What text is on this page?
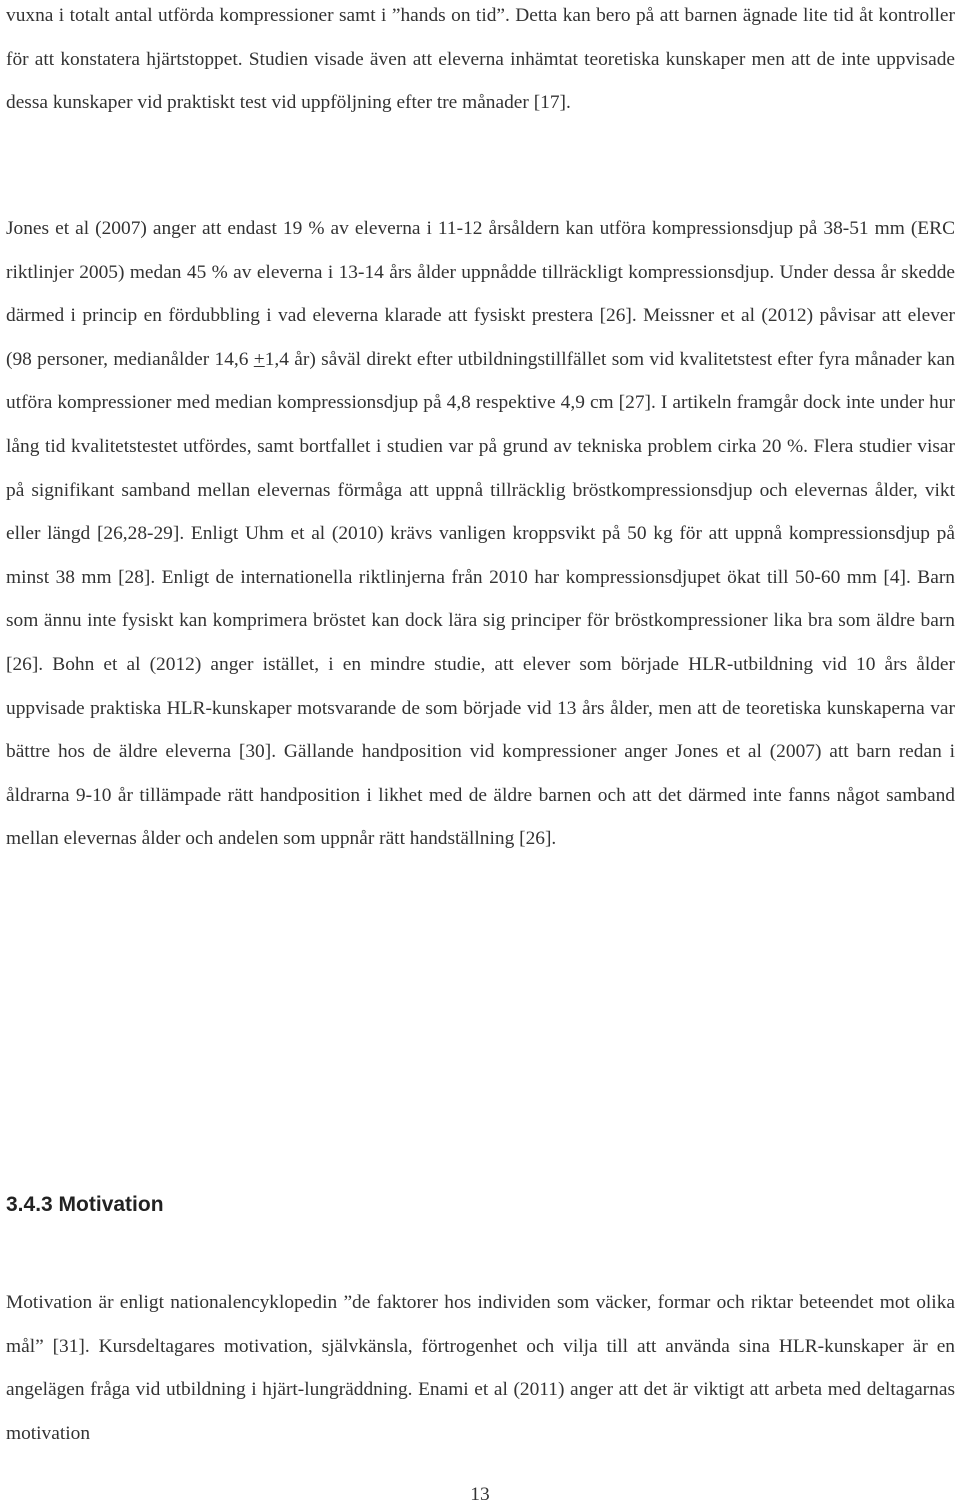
vuxna i totalt antal utförda kompressioner samt i ”hands on tid”. Detta kan bero på att barnen ägnade lite tid åt kontroller för att konstatera hjärtstoppet. Studien visade även att eleverna inhämtat teoretiska kunskaper men att de inte uppvisade dessa kunskaper vid praktiskt test vid uppföljning efter tre månader [17].

Jones et al (2007) anger att endast 19 % av eleverna i 11-12 årsåldern kan utföra kompressionsdjup på 38-51 mm (ERC riktlinjer 2005) medan 45 % av eleverna i 13-14 års ålder uppnådde tillräckligt kompressionsdjup. Under dessa år skedde därmed i princip en fördubbling i vad eleverna klarade att fysiskt prestera [26]. Meissner et al (2012) påvisar att elever (98 personer, medianålder 14,6 +1,4 år) såväl direkt efter utbildningstillfället som vid kvalitetstest efter fyra månader kan utföra kompressioner med median kompressionsdjup på 4,8 respektive 4,9 cm [27]. I artikeln framgår dock inte under hur lång tid kvalitetstestet utfördes, samt bortfallet i studien var på grund av tekniska problem cirka 20 %. Flera studier visar på signifikant samband mellan elevernas förmåga att uppnå tillräcklig bröstkompressionsdjup och elevernas ålder, vikt eller längd [26,28-29]. Enligt Uhm et al (2010) krävs vanligen kroppsvikt på 50 kg för att uppnå kompressionsdjup på minst 38 mm [28]. Enligt de internationella riktlinjerna från 2010 har kompressionsdjupet ökat till 50-60 mm [4]. Barn som ännu inte fysiskt kan komprimera bröstet kan dock lära sig principer för bröstkompressioner lika bra som äldre barn [26]. Bohn et al (2012) anger istället, i en mindre studie, att elever som började HLR-utbildning vid 10 års ålder uppvisade praktiska HLR-kunskaper motsvarande de som började vid 13 års ålder, men att de teoretiska kunskaperna var bättre hos de äldre eleverna [30]. Gällande handposition vid kompressioner anger Jones et al (2007) att barn redan i åldrarna 9-10 år tillämpade rätt handposition i likhet med de äldre barnen och att det därmed inte fanns något samband mellan elevernas ålder och andelen som uppnår rätt handställning [26].

3.4.3 Motivation

Motivation är enligt nationalencyklopedin ”de faktorer hos individen som väcker, formar och riktar beteendet mot olika mål” [31]. Kursdeltagares motivation, självkänsla, förtrogenhet och vilja till att använda sina HLR-kunskaper är en angelägen fråga vid utbildning i hjärt-lungräddning. Enami et al (2011) anger att det är viktigt att arbeta med deltagarnas motivation

13
